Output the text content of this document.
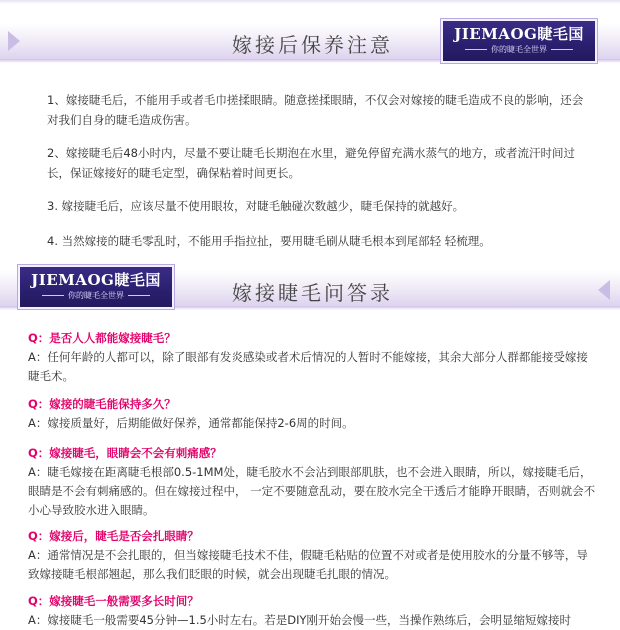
嫁接后保养注意	JIEMAOG睫毛国
你的睫毛全世界
1、嫁接睫毛后，不能用手或者毛巾搓揉眼睛。随意搓揉眼睛，不仅会对嫁接的睫毛造成不良的影响，还会对我们自身的睫毛造成伤害。
2、嫁接睫毛后48小时内，尽量不要让睫毛长期泡在水里，避免停留充满水蒸气的地方，或者流汗时间过长，保证嫁接好的睫毛定型，确保粘着时间更长。
3. 嫁接睫毛后，应该尽量不使用眼妆，对睫毛触碰次数越少，睫毛保持的就越好。
4. 当然嫁接的睫毛零乱时，不能用手指拉扯，要用睫毛刷从睫毛根本到尾部轻 轻梳理。
JIEMAOG睫毛国
你的睫毛全世界	嫁接睫毛问答录
Q：是否人人都能嫁接睫毛？
A：任何年龄的人都可以，除了眼部有发炎感染或者术后情况的人暂时不能嫁接，其余大部分人群都能接受嫁接睫毛术。
Q：嫁接的睫毛能保持多久？
A：嫁接质量好，后期能做好保养，通常都能保持2-6周的时间。
Q：嫁接睫毛，眼睛会不会有刺痛感？
A：睫毛嫁接在距离睫毛根部0.5-1MM处，睫毛胶水不会沾到眼部肌肤，也不会进入眼睛，所以，嫁接睫毛后，眼睛是不会有刺痛感的。但在嫁接过程中， 一定不要随意乱动，要在胶水完全干透后才能睁开眼睛，否则就会不小心导致胶水进入眼睛。
Q：嫁接后，睫毛是否会扎眼睛？
A：通常情况是不会扎眼的，但当嫁接睫毛技术不佳，假睫毛粘贴的位置不对或者是使用胶水的分量不够等，导致嫁接睫毛根部翘起，那么我们眨眼的时候，就会出现睫毛扎眼的情况。
Q：嫁接睫毛一般需要多长时间？
A：嫁接睫毛一般需要45分钟—1.5小时左右。若是DIY刚开始会慢一些，当操作熟练后，会明显缩短嫁接时
